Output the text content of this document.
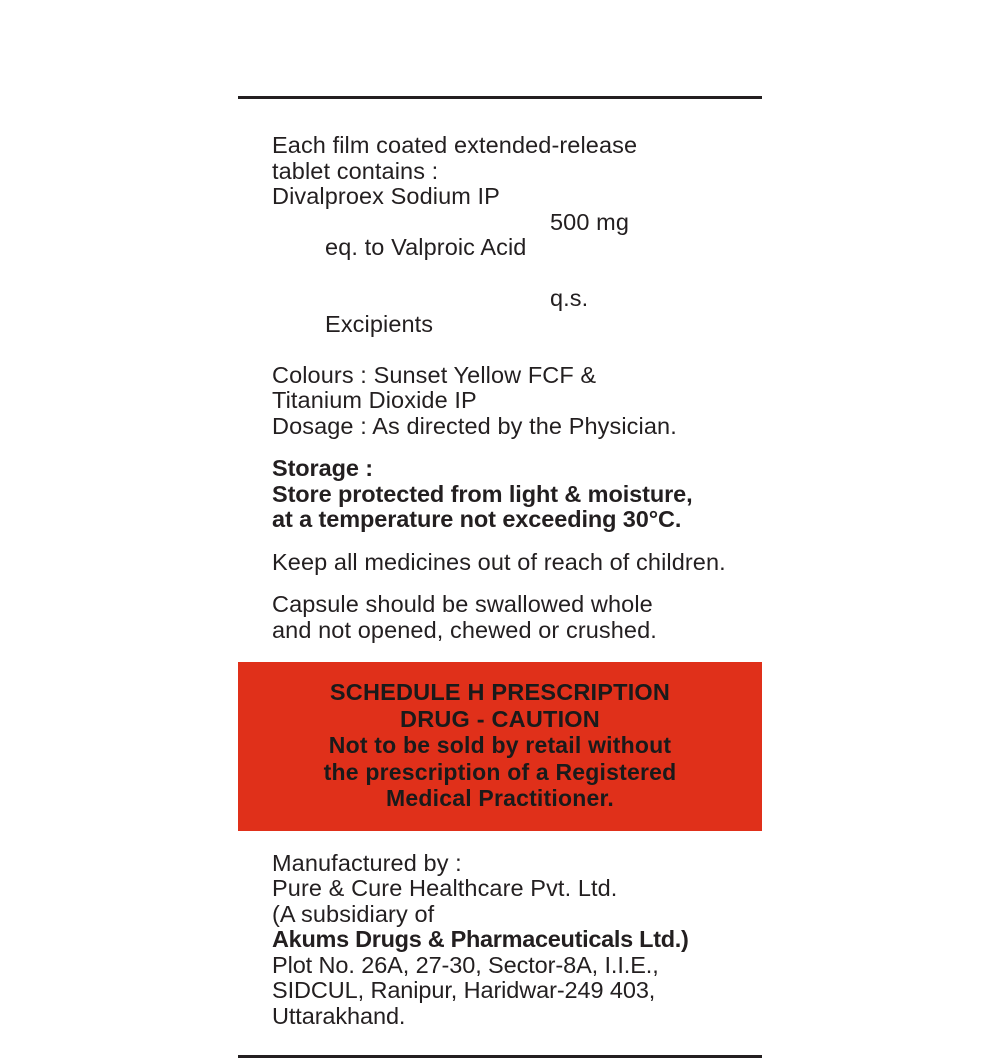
Each film coated extended-release
tablet contains :
Divalproex Sodium IP

eq. to Valproic Acid
500 mg

Excipients
q.s.

Colours : Sunset Yellow FCF &
Titanium Dioxide IP
Dosage : As directed by the Physician.
Storage :
Store protected from light & moisture,
at a temperature not exceeding 30°C.
Keep all medicines out of reach of children.
Capsule should be swallowed whole
and not opened, chewed or crushed.
SCHEDULE H PRESCRIPTION
DRUG - CAUTION
Not to be sold by retail without
the prescription of a Registered
Medical Practitioner.
Manufactured by :
Pure & Cure Healthcare Pvt. Ltd.
(A subsidiary of
Akums Drugs & Pharmaceuticals Ltd.)
Plot No. 26A, 27-30, Sector-8A, I.I.E.,
SIDCUL, Ranipur, Haridwar-249 403,
Uttarakhand.
